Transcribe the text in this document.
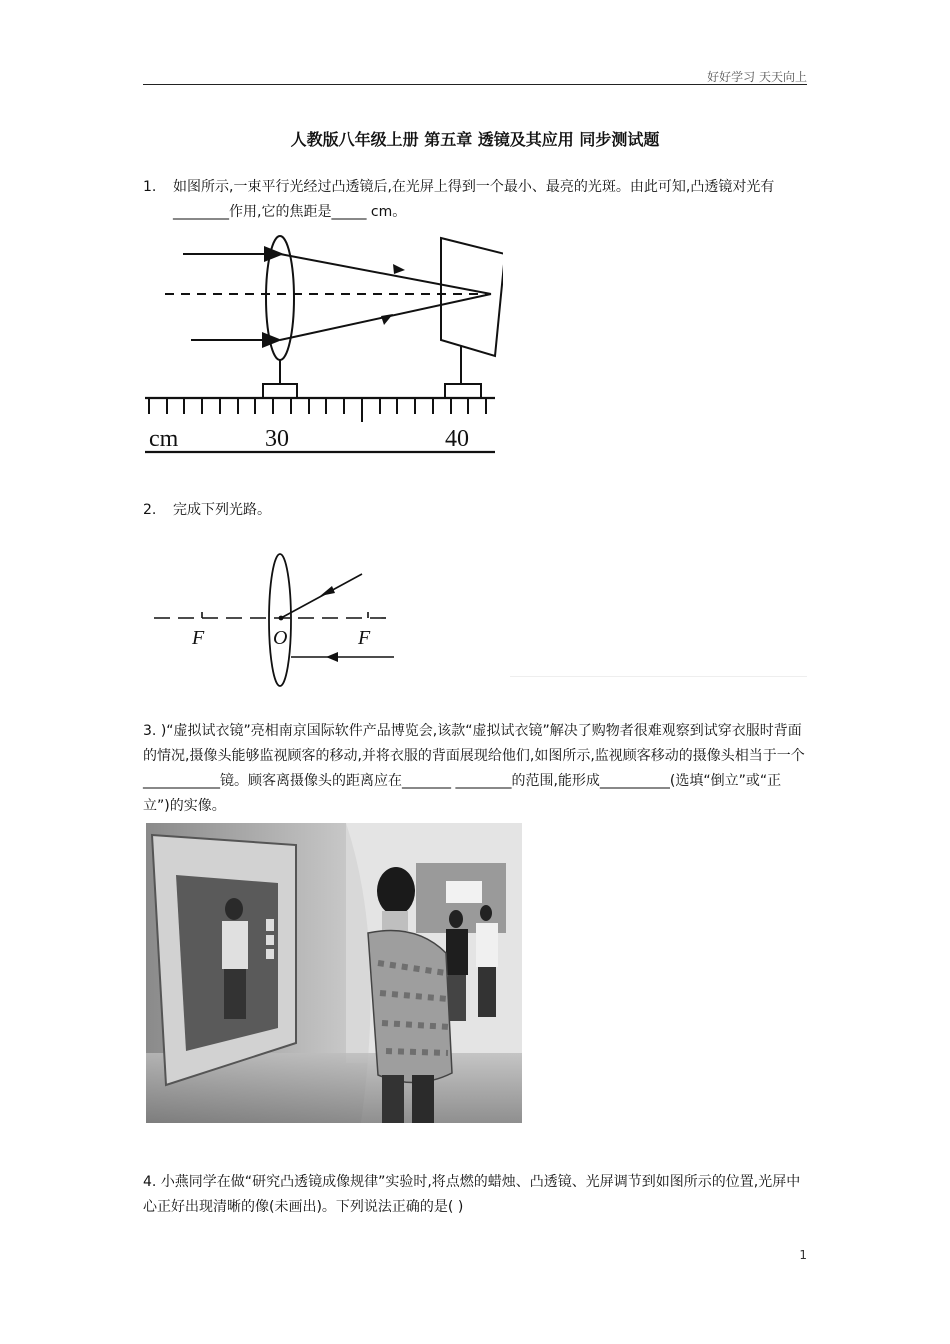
好好学习 天天向上
人教版八年级上册 第五章 透镜及其应用 同步测试题
1. 如图所示,一束平行光经过凸透镜后,在光屏上得到一个最小、最亮的光斑。由此可知,凸透镜对光有________作用,它的焦距是_____ cm。
cm	30	40
2. 完成下列光路。
F	O	F
3. )“虚拟试衣镜”亮相南京国际软件产品博览会,该款“虚拟试衣镜”解决了购物者很难观察到试穿衣服时背面的情况,摄像头能够监视顾客的移动,并将衣服的背面展现给他们,如图所示,监视顾客移动的摄像头相当于一个___________镜。顾客离摄像头的距离应在_______ ________的范围,能形成__________(选填“倒立”或“正立”)的实像。
4. 小燕同学在做“研究凸透镜成像规律”实验时,将点燃的蜡烛、凸透镜、光屏调节到如图所示的位置,光屏中心正好出现清晰的像(未画出)。下列说法正确的是( )
1
